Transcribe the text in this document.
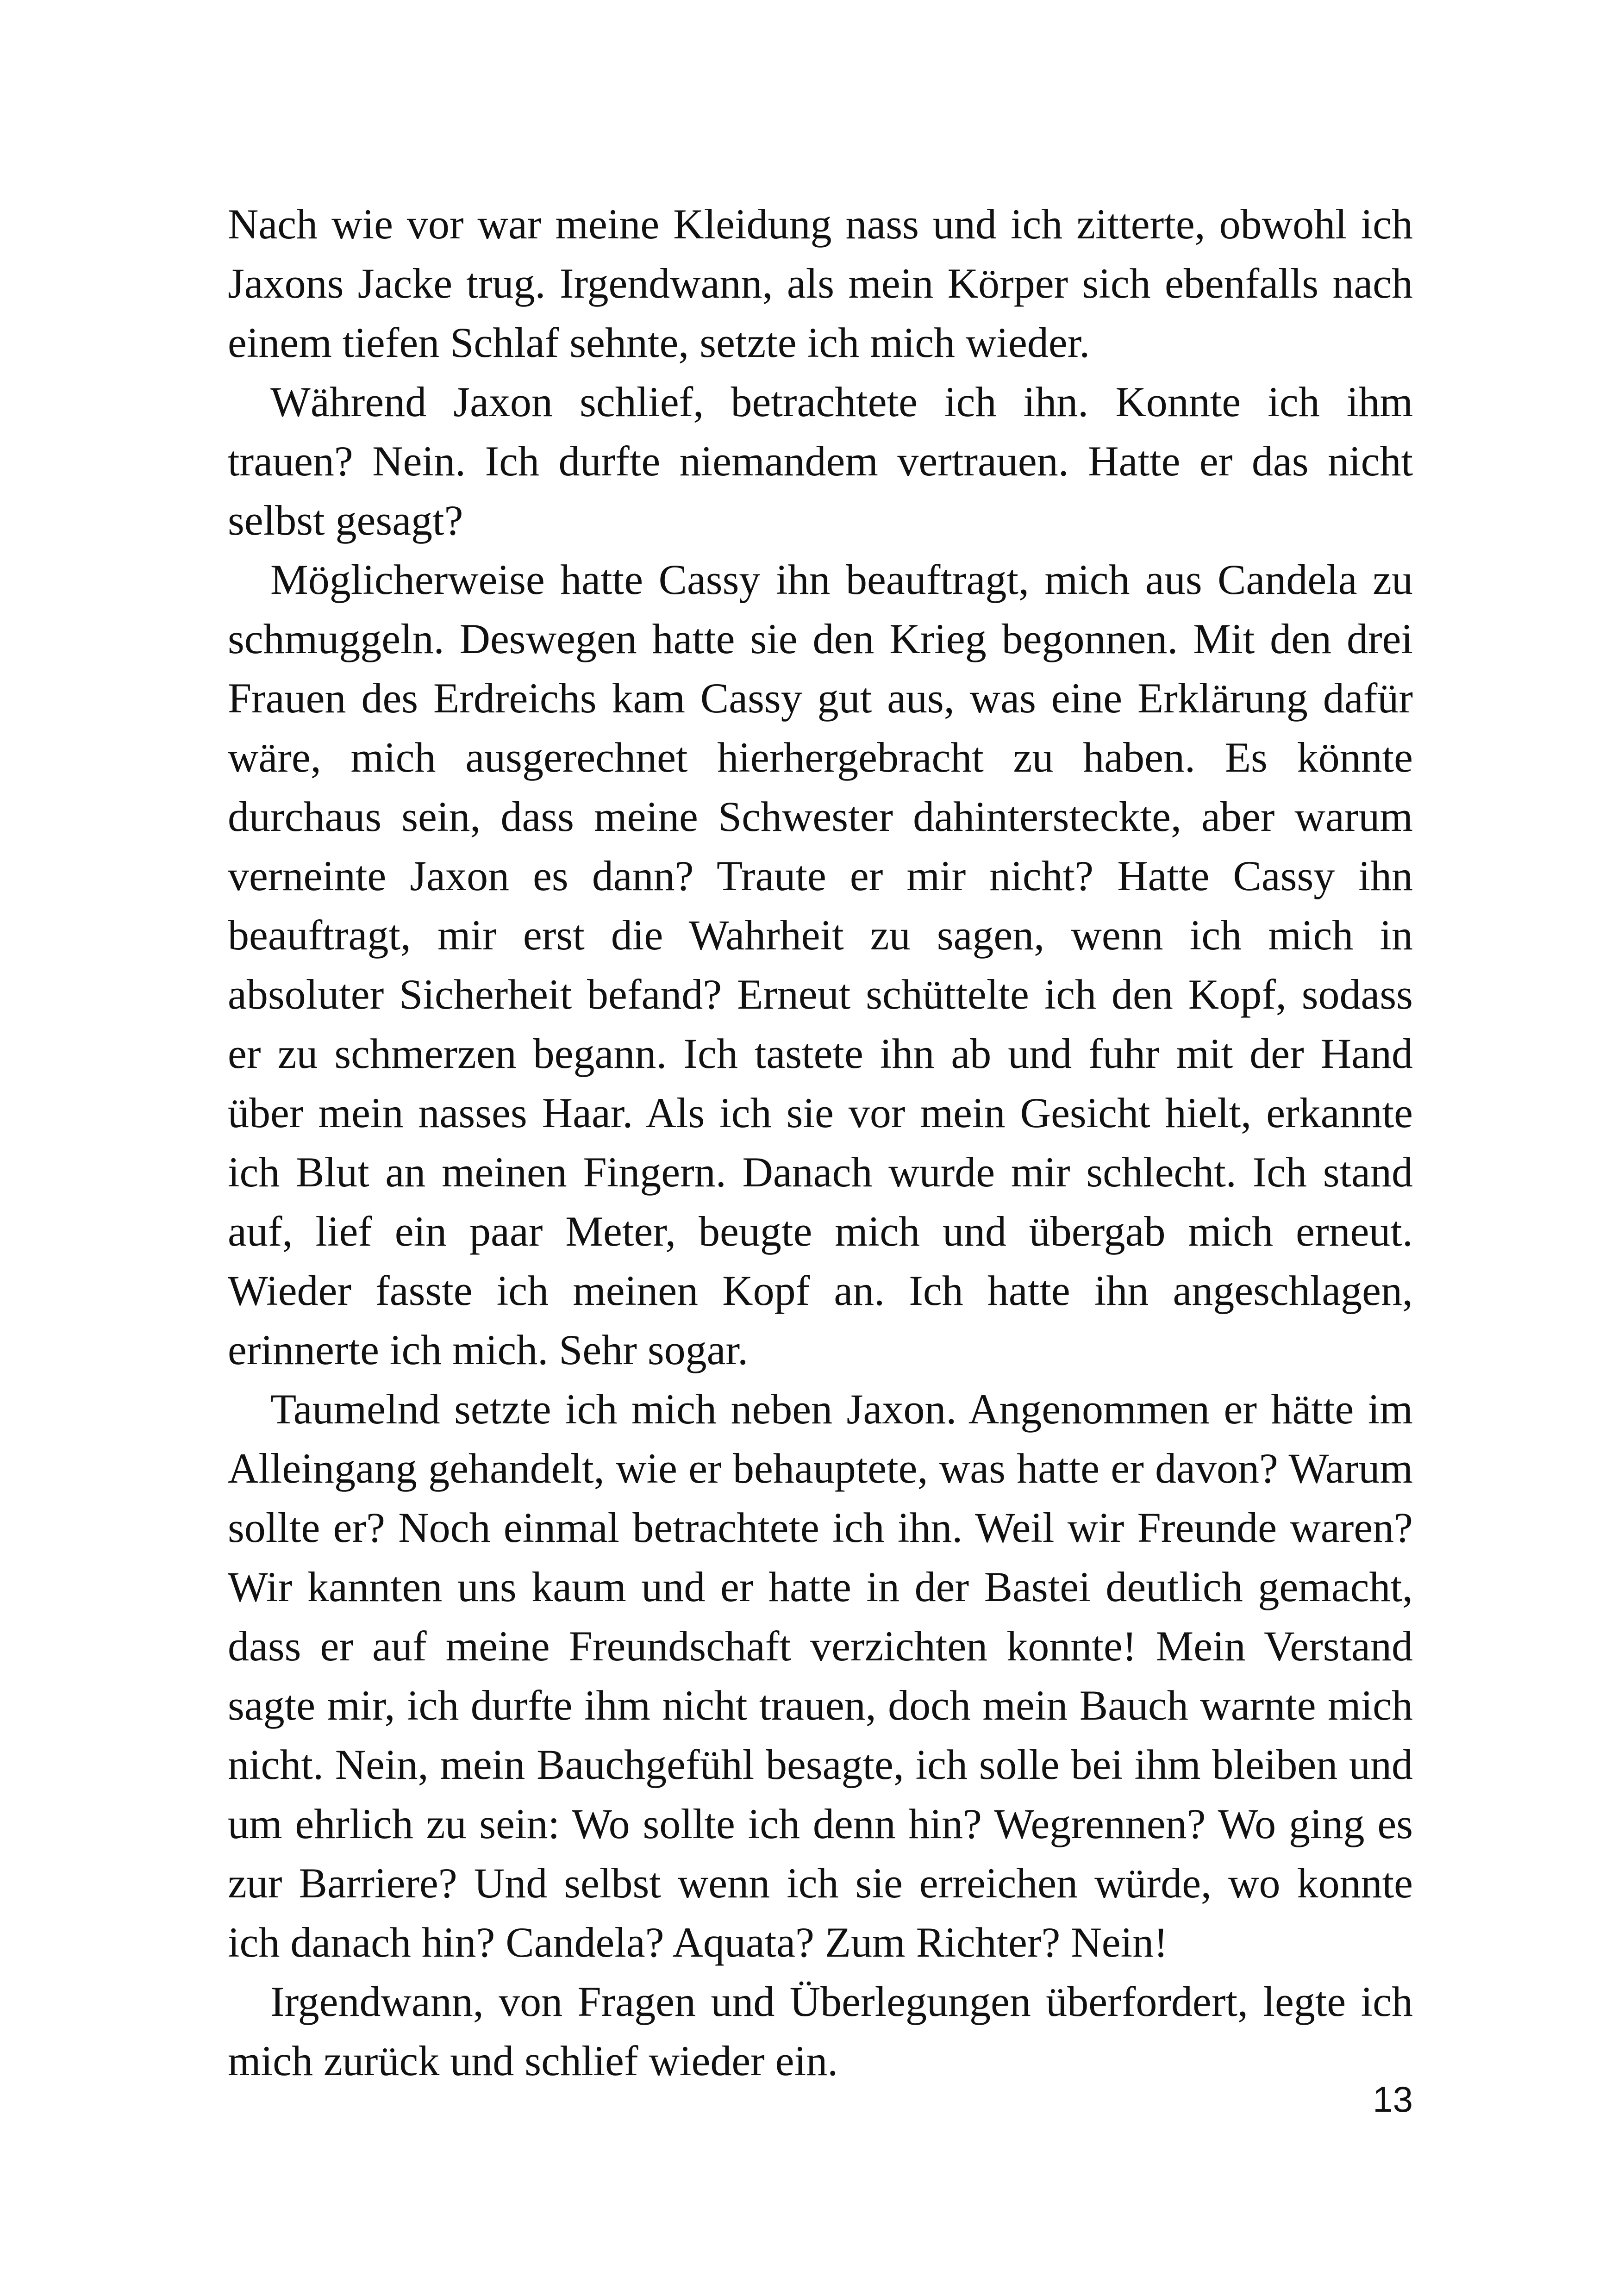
Nach wie vor war meine Kleidung nass und ich zitterte, obwohl ich Jaxons Jacke trug. Irgendwann, als mein Körper sich ebenfalls nach einem tiefen Schlaf sehnte, setzte ich mich wieder.

Während Jaxon schlief, betrachtete ich ihn. Konnte ich ihm trauen? Nein. Ich durfte niemandem vertrauen. Hatte er das nicht selbst gesagt?

Möglicherweise hatte Cassy ihn beauftragt, mich aus Candela zu schmuggeln. Deswegen hatte sie den Krieg begonnen. Mit den drei Frauen des Erdreichs kam Cassy gut aus, was eine Erklärung dafür wäre, mich ausgerechnet hierhergebracht zu haben. Es könnte durchaus sein, dass meine Schwester dahintersteckte, aber warum verneinte Jaxon es dann? Traute er mir nicht? Hatte Cassy ihn beauftragt, mir erst die Wahrheit zu sagen, wenn ich mich in absoluter Sicherheit befand? Erneut schüttelte ich den Kopf, sodass er zu schmerzen begann. Ich tastete ihn ab und fuhr mit der Hand über mein nasses Haar. Als ich sie vor mein Gesicht hielt, erkannte ich Blut an meinen Fingern. Danach wurde mir schlecht. Ich stand auf, lief ein paar Meter, beugte mich und übergab mich erneut. Wieder fasste ich meinen Kopf an. Ich hatte ihn angeschlagen, erinnerte ich mich. Sehr sogar.

Taumelnd setzte ich mich neben Jaxon. Angenommen er hätte im Alleingang gehandelt, wie er behauptete, was hatte er davon? Warum sollte er? Noch einmal betrachtete ich ihn. Weil wir Freunde waren? Wir kannten uns kaum und er hatte in der Bastei deutlich gemacht, dass er auf meine Freundschaft verzichten konnte! Mein Verstand sagte mir, ich durfte ihm nicht trauen, doch mein Bauch warnte mich nicht. Nein, mein Bauchgefühl besagte, ich solle bei ihm bleiben und um ehrlich zu sein: Wo sollte ich denn hin? Wegrennen? Wo ging es zur Barriere? Und selbst wenn ich sie erreichen würde, wo konnte ich danach hin? Candela? Aquata? Zum Richter? Nein!

Irgendwann, von Fragen und Überlegungen überfordert, legte ich mich zurück und schlief wieder ein.

13
